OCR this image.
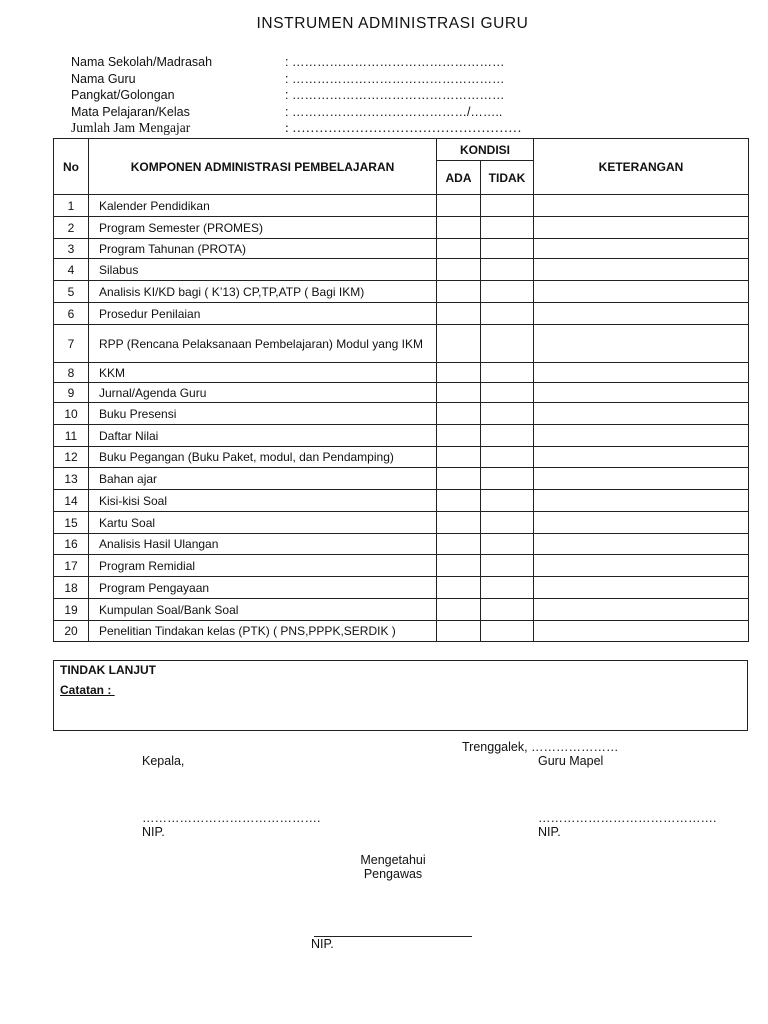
INSTRUMEN ADMINISTRASI GURU
Nama Sekolah/Madrasah	: ……………………………………………
Nama Guru	: ……………………………………………
Pangkat/Golongan	: ……………………………………………
Mata Pelajaran/Kelas	: ……………………………………/……..
Jumlah Jam Mengajar	: ……………………………………………
No	KOMPONEN ADMINISTRASI PEMBELAJARAN	KONDISI		KETERANGAN
		ADA	TIDAK	
1	Kalender Pendidikan			
2	Program Semester (PROMES)			
3	Program Tahunan (PROTA)			
4	Silabus			
5	Analisis KI/KD bagi ( K’13) CP,TP,ATP ( Bagi IKM)			
6	Prosedur Penilaian			
7	RPP (Rencana Pelaksanaan Pembelajaran) Modul yang IKM			
8	KKM			
9	Jurnal/Agenda Guru			
10	Buku Presensi			
11	Daftar Nilai			
12	Buku Pegangan (Buku Paket, modul, dan Pendamping)			
13	Bahan ajar			
14	Kisi-kisi Soal			
15	Kartu Soal			
16	Analisis Hasil Ulangan			
17	Program Remidial			
18	Program Pengayaan			
19	Kumpulan Soal/Bank Soal			
20	Penelitian Tindakan kelas (PTK) ( PNS,PPPK,SERDIK )			
TINDAK LANJUT
Catatan :
Trenggalek, …………………
Kepala,	Guru Mapel
…………………………………….	…………………………………….
NIP.	NIP.
Mengetahui
Pengawas
NIP.
